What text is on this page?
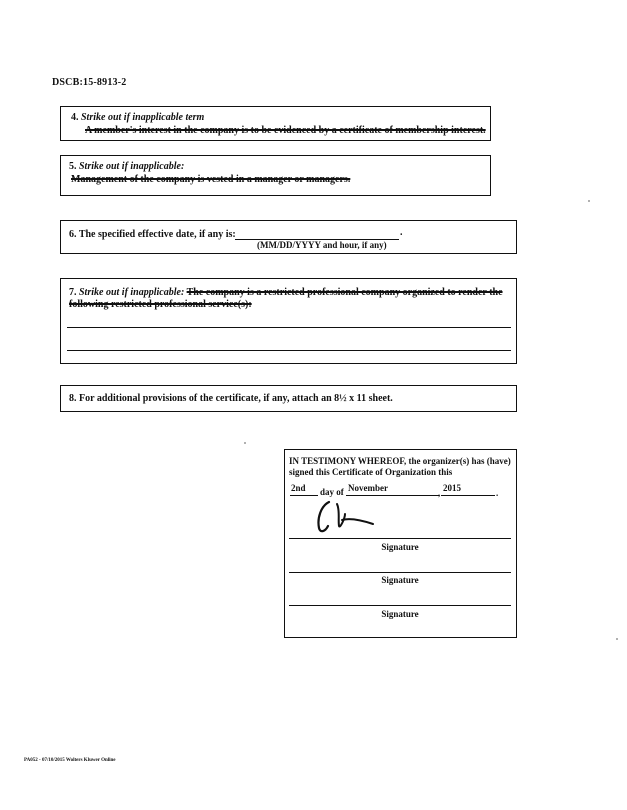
DSCB:15-8913-2
4. Strike out if inapplicable term
A member's interest in the company is to be evidenced by a certificate of membership interest.
5. Strike out if inapplicable:
Management of the company is vested in a manager or managers.
6. The specified effective date, if any is:	.
(MM/DD/YYYY and hour, if any)
7. Strike out if inapplicable: The company is a restricted professional company organized to render the
following restricted professional service(s):
8. For additional provisions of the certificate, if any, attach an 8½ x 11 sheet.
IN TESTIMONY WHEREOF, the organizer(s) has (have)
signed this Certificate of Organization this
2nd day of November	, 2015	.
Signature
Signature
Signature
PA052 - 07/10/2015 Wolters Kluwer Online
